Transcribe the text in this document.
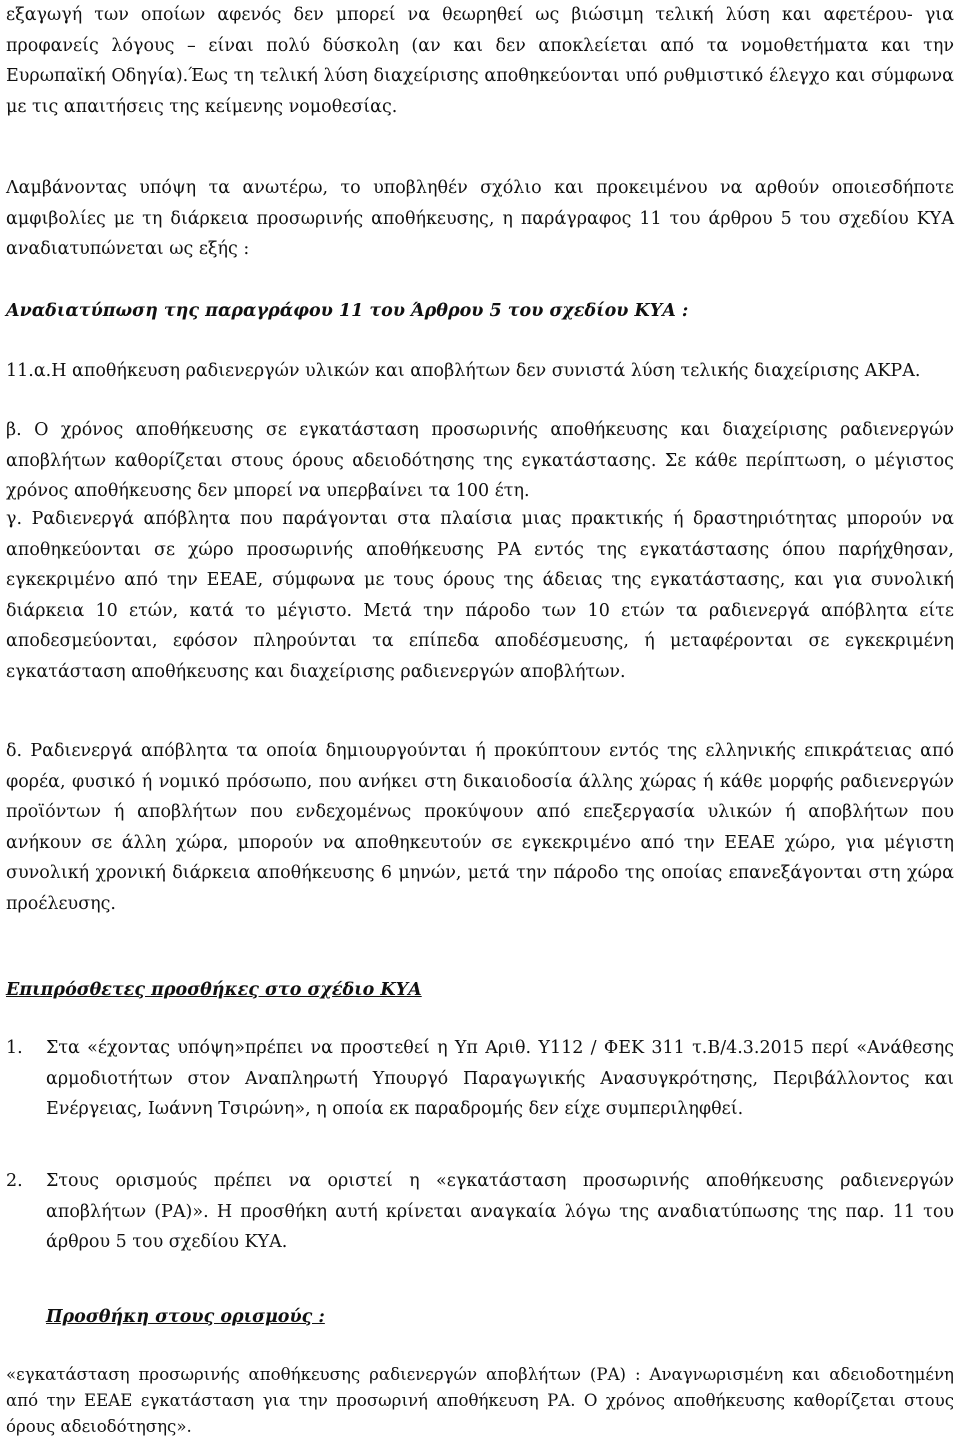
εξαγωγή των οποίων αφενός δεν μπορεί να θεωρηθεί ως βιώσιμη τελική λύση και αφετέρου- για προφανείς λόγους – είναι πολύ δύσκολη (αν και δεν αποκλείεται από τα νομοθετήματα και την Ευρωπαϊκή Οδηγία).Έως τη τελική λύση διαχείρισης αποθηκεύονται υπό ρυθμιστικό έλεγχο και σύμφωνα με τις απαιτήσεις της κείμενης νομοθεσίας.

Λαμβάνοντας υπόψη τα ανωτέρω, το υποβληθέν σχόλιο και προκειμένου να αρθούν οποιεσδήποτε αμφιβολίες με τη διάρκεια προσωρινής αποθήκευσης, η παράγραφος 11 του άρθρου 5 του σχεδίου ΚΥΑ αναδιατυπώνεται ως εξής :

Αναδιατύπωση της παραγράφου 11 του Άρθρου 5 του σχεδίου ΚΥΑ :

11.α.Η αποθήκευση ραδιενεργών υλικών και αποβλήτων δεν συνιστά λύση τελικής διαχείρισης ΑΚΡΑ.

β. Ο χρόνος αποθήκευσης σε εγκατάσταση προσωρινής αποθήκευσης και διαχείρισης ραδιενεργών αποβλήτων καθορίζεται στους όρους αδειοδότησης της εγκατάστασης. Σε κάθε περίπτωση, ο μέγιστος χρόνος αποθήκευσης δεν μπορεί να υπερβαίνει τα 100 έτη.

γ. Ραδιενεργά απόβλητα που παράγονται στα πλαίσια μιας πρακτικής ή δραστηριότητας μπορούν να αποθηκεύονται σε χώρο προσωρινής αποθήκευσης ΡΑ εντός της εγκατάστασης όπου παρήχθησαν, εγκεκριμένο από την ΕΕΑΕ, σύμφωνα με τους όρους της άδειας της εγκατάστασης, και για συνολική διάρκεια 10 ετών, κατά το μέγιστο. Μετά την πάροδο των 10 ετών τα ραδιενεργά απόβλητα είτε αποδεσμεύονται, εφόσον πληρούνται τα επίπεδα αποδέσμευσης, ή μεταφέρονται σε εγκεκριμένη εγκατάσταση αποθήκευσης και διαχείρισης ραδιενεργών αποβλήτων.

δ. Ραδιενεργά απόβλητα τα οποία δημιουργούνται ή προκύπτουν εντός της ελληνικής επικράτειας από φορέα, φυσικό ή νομικό πρόσωπο, που ανήκει στη δικαιοδοσία άλλης χώρας ή κάθε μορφής ραδιενεργών προϊόντων ή αποβλήτων που ενδεχομένως προκύψουν από επεξεργασία υλικών ή αποβλήτων που ανήκουν σε άλλη χώρα, μπορούν να αποθηκευτούν σε εγκεκριμένο από την ΕΕΑΕ χώρο, για μέγιστη συνολική χρονική διάρκεια αποθήκευσης 6 μηνών, μετά την πάροδο της οποίας επανεξάγονται στη χώρα προέλευσης.

Επιπρόσθετες προσθήκες στο σχέδιο ΚΥΑ

1. Στα «έχοντας υπόψη»πρέπει να προστεθεί η Υπ Αριθ. Υ112 / ΦΕΚ 311 τ.Β/4.3.2015 περί «Ανάθεσης αρμοδιοτήτων στον Αναπληρωτή Υπουργό Παραγωγικής Ανασυγκρότησης, Περιβάλλοντος και Ενέργειας, Ιωάννη Τσιρώνη», η οποία εκ παραδρομής δεν είχε συμπεριληφθεί.
2. Στους ορισμούς πρέπει να οριστεί η «εγκατάσταση προσωρινής αποθήκευσης ραδιενεργών αποβλήτων (ΡΑ)». Η προσθήκη αυτή κρίνεται αναγκαία λόγω της αναδιατύπωσης της παρ. 11 του άρθρου 5 του σχεδίου ΚΥΑ.

Προσθήκη στους ορισμούς :

«εγκατάσταση προσωρινής αποθήκευσης ραδιενεργών αποβλήτων (ΡΑ) : Αναγνωρισμένη και αδειοδοτημένη από την ΕΕΑΕ εγκατάσταση για την προσωρινή αποθήκευση ΡΑ. Ο χρόνος αποθήκευσης καθορίζεται στους όρους αδειοδότησης».
